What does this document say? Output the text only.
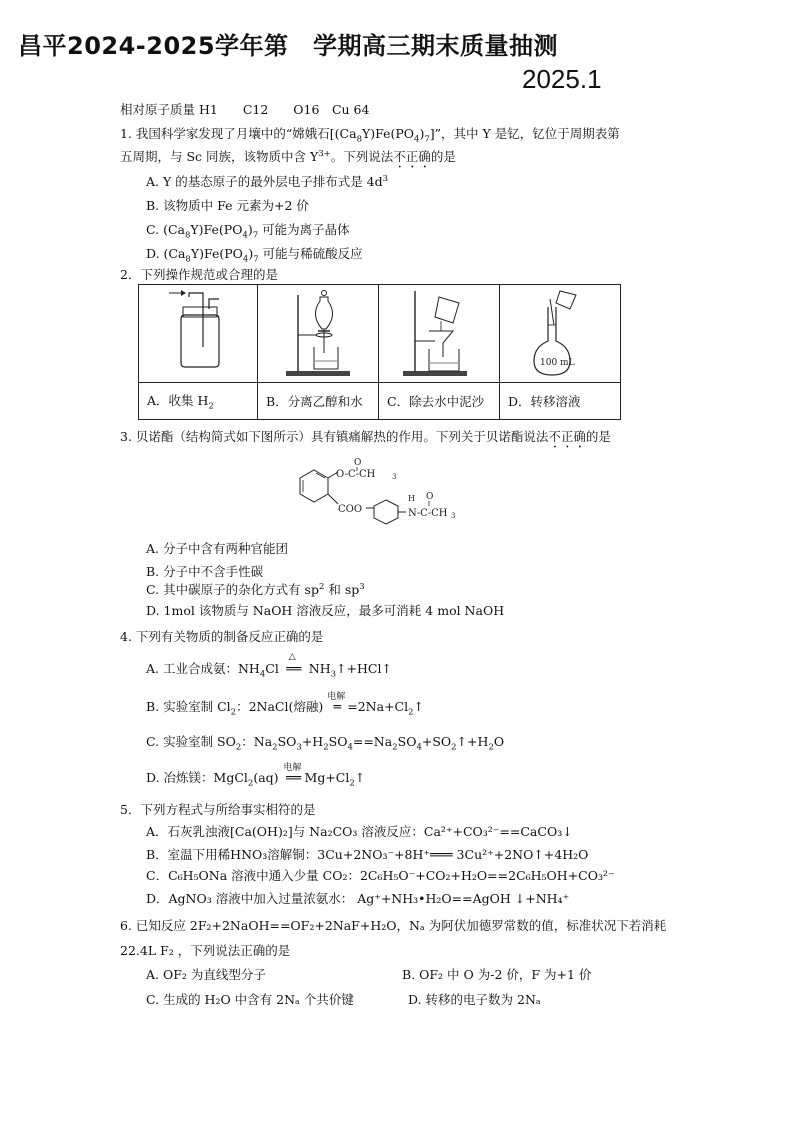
昌平2024-2025学年第　学期高三期末质量抽测
2025.1
相对原子质量 H1　　C12　　O16　Cu 64
1. 我国科学家发现了月壤中的“嫦娥石$[(Ca_8Y)Fe(PO_4)_7]$”，其中 Y 是钇，钇位于周期表第
五周期，与 Sc 同族，该物质中含 $Y^{3+}$。下列说法不正确的是
A. Y 的基态原子的最外层电子排布式是 $4d^3$
B. 该物质中 Fe 元素为+2 价
C. $(Ca_8Y)Fe(PO_4)_7$ 可能为离子晶体
D. $(Ca_8Y)Fe(PO_4)_7$ 可能与稀硫酸反应
2．下列操作规范或合理的是

100 mL

A．收集 $H_2$	B．分离乙醇和水	C．除去水中泥沙	D．转移溶液
3. 贝诺酯（结构简式如下图所示）具有镇痛解热的作用。下列关于贝诺酯说法不正确的是
O
O-C-CH 3
COO
H
N-C-CH 3
O
A. 分子中含有两种官能团
B. 分子中不含手性碳
C. 其中碳原子的杂化方式有 $sp^2$ 和 $sp^3$
D. 1mol 该物质与 NaOH 溶液反应，最多可消耗 4 mol NaOH
4. 下列有关物质的制备反应正确的是
A. 工业合成氨：$NH_4Cl$
△
══ $NH_3↑+HCl↑$
B. 实验室制 $Cl_2$：2NaCl(熔融)
电解
═ $=2Na+Cl_2↑$
C. 实验室制 $SO_2$：$Na_2SO_3+H_2SO_4==Na_2SO_4+SO_2↑+H_2O$
D. 冶炼镁：MgCl$_2$(aq)
电解
══ $Mg+Cl_2↑$
5．下列方程式与所给事实相符的是
A．石灰乳浊液[Ca(OH)₂]与 Na₂CO₃ 溶液反应：Ca²⁺+CO₃²⁻==CaCO₃↓
B．室温下用稀HNO₃溶解铜：3Cu+2NO₃⁻+8H⁺═══ 3Cu²⁺+2NO↑+4H₂O
C．C₆H₅ONa 溶液中通入少量 CO₂：2C₆H₅O⁻+CO₂+H₂O==2C₆H₅OH+CO₃²⁻
D．AgNO₃ 溶液中加入过量浓氨水： Ag⁺+NH₃•H₂O==AgOH ↓+NH₄⁺
6. 已知反应 2F₂+2NaOH==OF₂+2NaF+H₂O，Nₐ 为阿伏加德罗常数的值，标准状况下若消耗
22.4L F₂ ，下列说法正确的是
A. OF₂ 为直线型分子	B. OF₂ 中 O 为-2 价，F 为+1 价
C. 生成的 H₂O 中含有 2Nₐ 个共价键	D. 转移的电子数为 2Nₐ
